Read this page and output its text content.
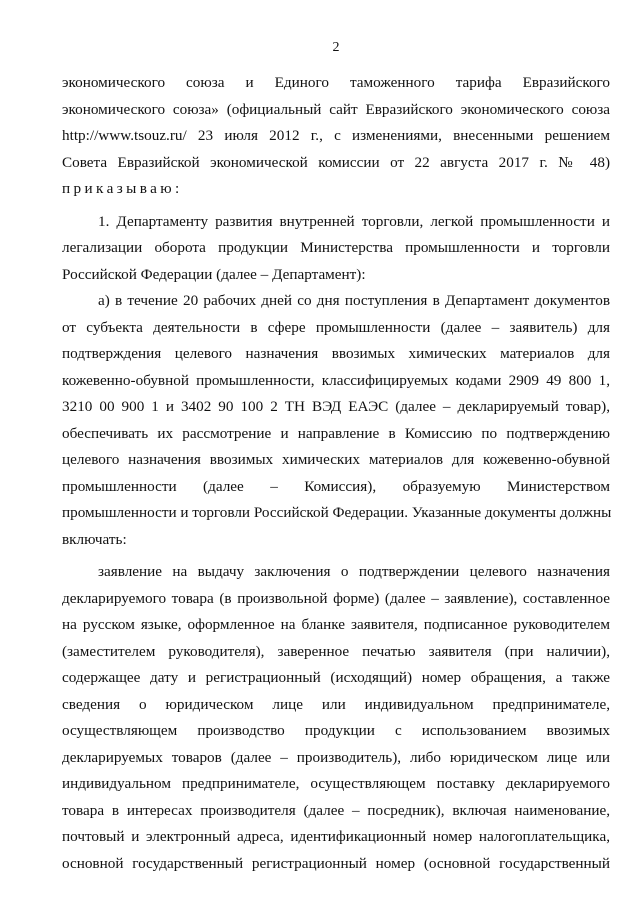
2
экономического союза и Единого таможенного тарифа Евразийского
экономического союза» (официальный сайт Евразийского экономического союза
http://www.tsouz.ru/ 23 июля 2012 г., с изменениями, внесенными решением
Совета Евразийской экономической комиссии от 22 августа 2017 г. № 48)
приказываю:
1. Департаменту развития внутренней торговли, легкой промышленности и
легализации оборота продукции Министерства промышленности и торговли
Российской Федерации (далее – Департамент):
а) в течение 20 рабочих дней со дня поступления в Департамент документов
от субъекта деятельности в сфере промышленности (далее – заявитель) для
подтверждения целевого назначения ввозимых химических материалов для
кожевенно-обувной промышленности, классифицируемых кодами 2909 49 800 1,
3210 00 900 1 и 3402 90 100 2 ТН ВЭД ЕАЭС (далее – декларируемый товар),
обеспечивать их рассмотрение и направление в Комиссию по подтверждению
целевого назначения ввозимых химических материалов для кожевенно-обувной
промышленности (далее – Комиссия), образуемую Министерством
промышленности и торговли Российской Федерации. Указанные документы должны
включать:
заявление на выдачу заключения о подтверждении целевого назначения
декларируемого товара (в произвольной форме) (далее – заявление), составленное
на русском языке, оформленное на бланке заявителя, подписанное руководителем
(заместителем руководителя), заверенное печатью заявителя (при наличии),
содержащее дату и регистрационный (исходящий) номер обращения, а также
сведения о юридическом лице или индивидуальном предпринимателе,
осуществляющем производство продукции с использованием ввозимых
декларируемых товаров (далее – производитель), либо юридическом лице или
индивидуальном предпринимателе, осуществляющем поставку декларируемого
товара в интересах производителя (далее – посредник), включая наименование,
почтовый и электронный адреса, идентификационный номер налогоплательщика,
основной государственный регистрационный номер (основной государственный
